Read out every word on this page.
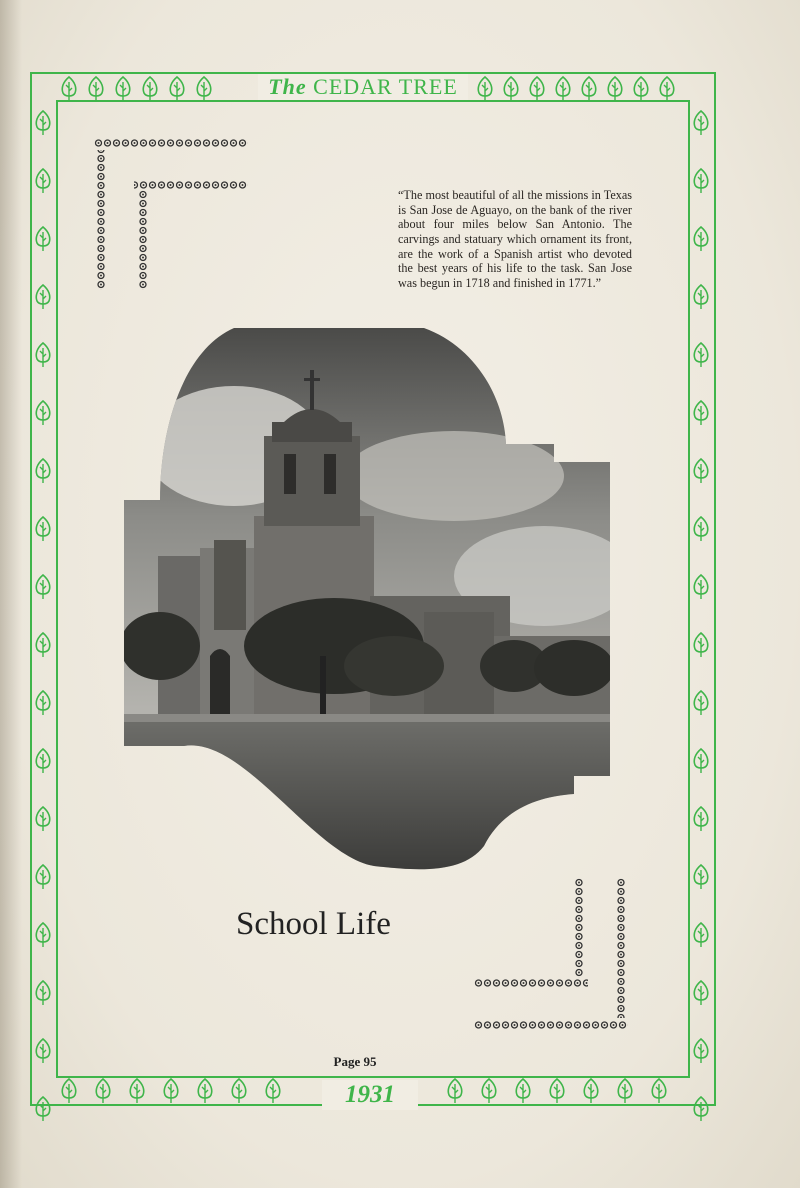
The CEDAR TREE

“The most beautiful of all the missions in Texas is San Jose de Aguayo, on the bank of the river about four miles below San Antonio. The carvings and statuary which ornament its front, are the work of a Spanish artist who devoted the best years of his life to the task. San Jose was begun in 1718 and finished in 1771.”

School Life
Page 95
1931
